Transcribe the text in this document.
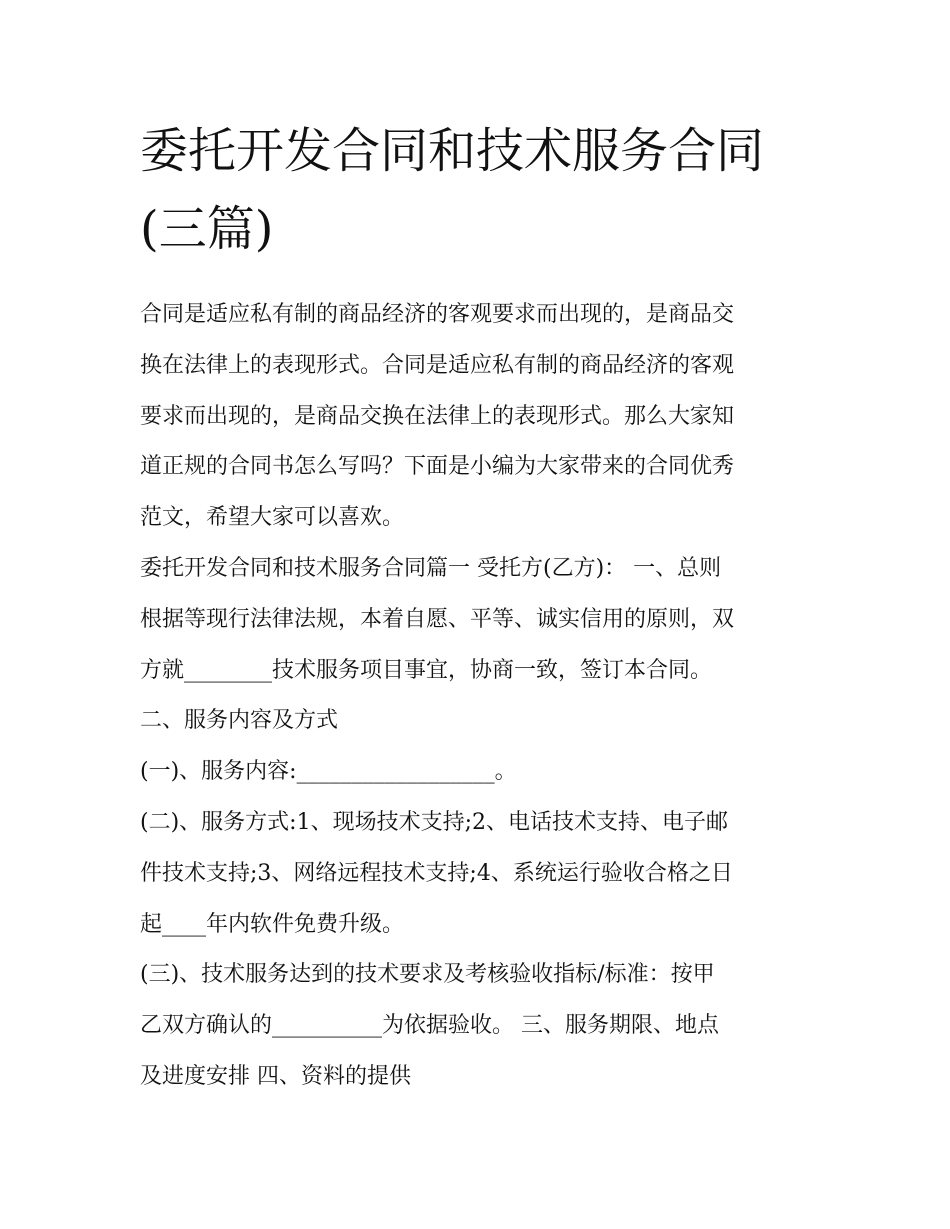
委托开发合同和技术服务合同
(三篇)
合同是适应私有制的商品经济的客观要求而出现的，是商品交
换在法律上的表现形式。合同是适应私有制的商品经济的客观
要求而出现的，是商品交换在法律上的表现形式。那么大家知
道正规的合同书怎么写吗？下面是小编为大家带来的合同优秀
范文，希望大家可以喜欢。
委托开发合同和技术服务合同篇一 受托方(乙方)： 一、总则
根据等现行法律法规，本着自愿、平等、诚实信用的原则，双
方就________技术服务项目事宜，协商一致，签订本合同。
二、服务内容及方式
(一)、服务内容:__________________。
(二)、服务方式:1、现场技术支持;2、电话技术支持、电子邮
件技术支持;3、网络远程技术支持;4、系统运行验收合格之日
起____年内软件免费升级。
(三)、技术服务达到的技术要求及考核验收指标/标准：按甲
乙双方确认的__________为依据验收。 三、服务期限、地点
及进度安排 四、资料的提供
